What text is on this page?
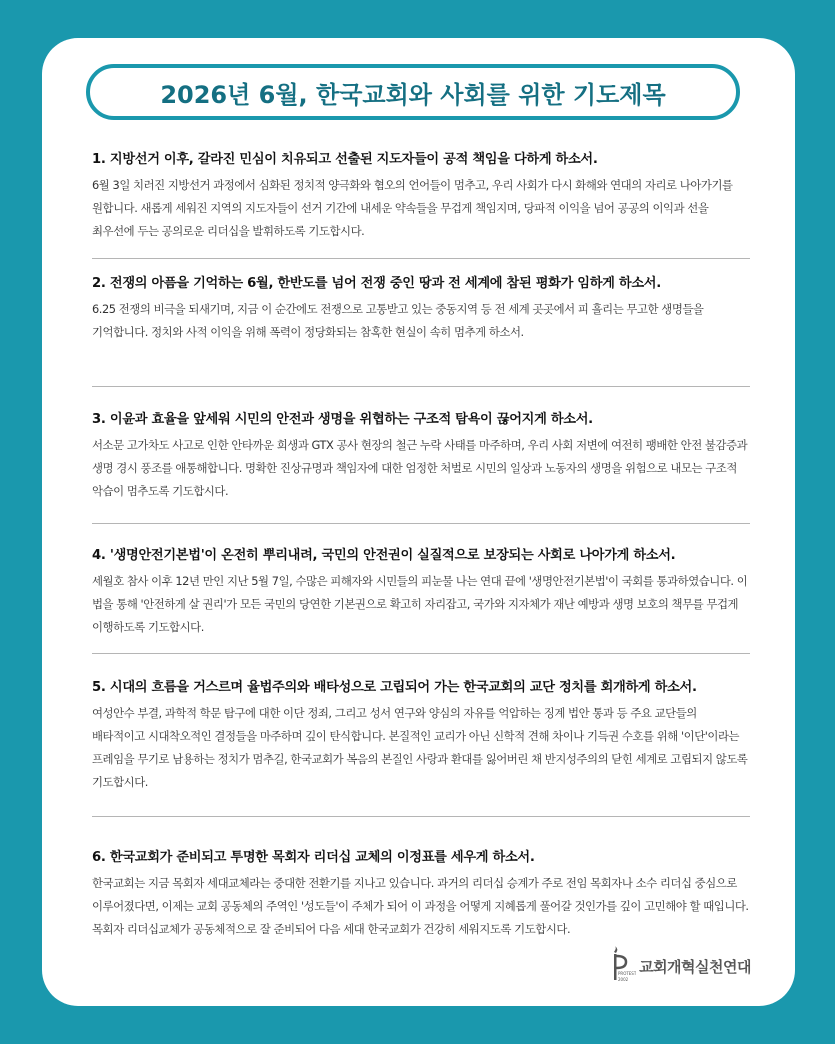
2026년 6월, 한국교회와 사회를 위한 기도제목
1. 지방선거 이후, 갈라진 민심이 치유되고 선출된 지도자들이 공적 책임을 다하게 하소서.

6월 3일 치러진 지방선거 과정에서 심화된 정치적 양극화와 혐오의 언어들이 멈추고, 우리 사회가 다시 화해와 연대의 자리로 나아가기를 원합니다. 새롭게 세워진 지역의 지도자들이 선거 기간에 내세운 약속들을 무겁게 책임지며, 당파적 이익을 넘어 공공의 이익과 선을 최우선에 두는 공의로운 리더십을 발휘하도록 기도합시다.

2. 전쟁의 아픔을 기억하는 6월, 한반도를 넘어 전쟁 중인 땅과 전 세계에 참된 평화가 임하게 하소서.

6.25 전쟁의 비극을 되새기며, 지금 이 순간에도 전쟁으로 고통받고 있는 중동지역 등 전 세계 곳곳에서 피 흘리는 무고한 생명들을 기억합니다. 정치와 사적 이익을 위해 폭력이 정당화되는 참혹한 현실이 속히 멈추게 하소서.

3. 이윤과 효율을 앞세워 시민의 안전과 생명을 위협하는 구조적 탐욕이 끊어지게 하소서.

서소문 고가차도 사고로 인한 안타까운 희생과 GTX 공사 현장의 철근 누락 사태를 마주하며, 우리 사회 저변에 여전히 팽배한 안전 불감증과 생명 경시 풍조를 애통해합니다. 명확한 진상규명과 책임자에 대한 엄정한 처벌로 시민의 일상과 노동자의 생명을 위험으로 내모는 구조적 악습이 멈추도록 기도합시다.

4. '생명안전기본법'이 온전히 뿌리내려, 국민의 안전권이 실질적으로 보장되는 사회로 나아가게 하소서.

세월호 참사 이후 12년 만인 지난 5월 7일, 수많은 피해자와 시민들의 피눈물 나는 연대 끝에 '생명안전기본법'이 국회를 통과하였습니다. 이 법을 통해 '안전하게 살 권리'가 모든 국민의 당연한 기본권으로 확고히 자리잡고, 국가와 지자체가 재난 예방과 생명 보호의 책무를 무겁게 이행하도록 기도합시다.

5. 시대의 흐름을 거스르며 율법주의와 배타성으로 고립되어 가는 한국교회의 교단 정치를 회개하게 하소서.

여성안수 부결, 과학적 학문 탐구에 대한 이단 정죄, 그리고 성서 연구와 양심의 자유를 억압하는 징계 법안 통과 등 주요 교단들의 배타적이고 시대착오적인 결정들을 마주하며 깊이 탄식합니다. 본질적인 교리가 아닌 신학적 견해 차이나 기득권 수호를 위해 '이단'이라는 프레임을 무기로 남용하는 정치가 멈추길, 한국교회가 복음의 본질인 사랑과 환대를 잃어버린 채 반지성주의의 닫힌 세계로 고립되지 않도록 기도합시다.

6. 한국교회가 준비되고 투명한 목회자 리더십 교체의 이정표를 세우게 하소서.

한국교회는 지금 목회자 세대교체라는 중대한 전환기를 지나고 있습니다. 과거의 리더십 승계가 주로 전임 목회자나 소수 리더십 중심으로 이루어졌다면, 이제는 교회 공동체의 주역인 '성도들'이 주체가 되어 이 과정을 어떻게 지혜롭게 풀어갈 것인가를 깊이 고민해야 할 때입니다. 목회자 리더십교체가 공동체적으로 잘 준비되어 다음 세대 한국교회가 건강히 세워지도록 기도합시다.

PROTEST
2002
교회개혁실천연대
